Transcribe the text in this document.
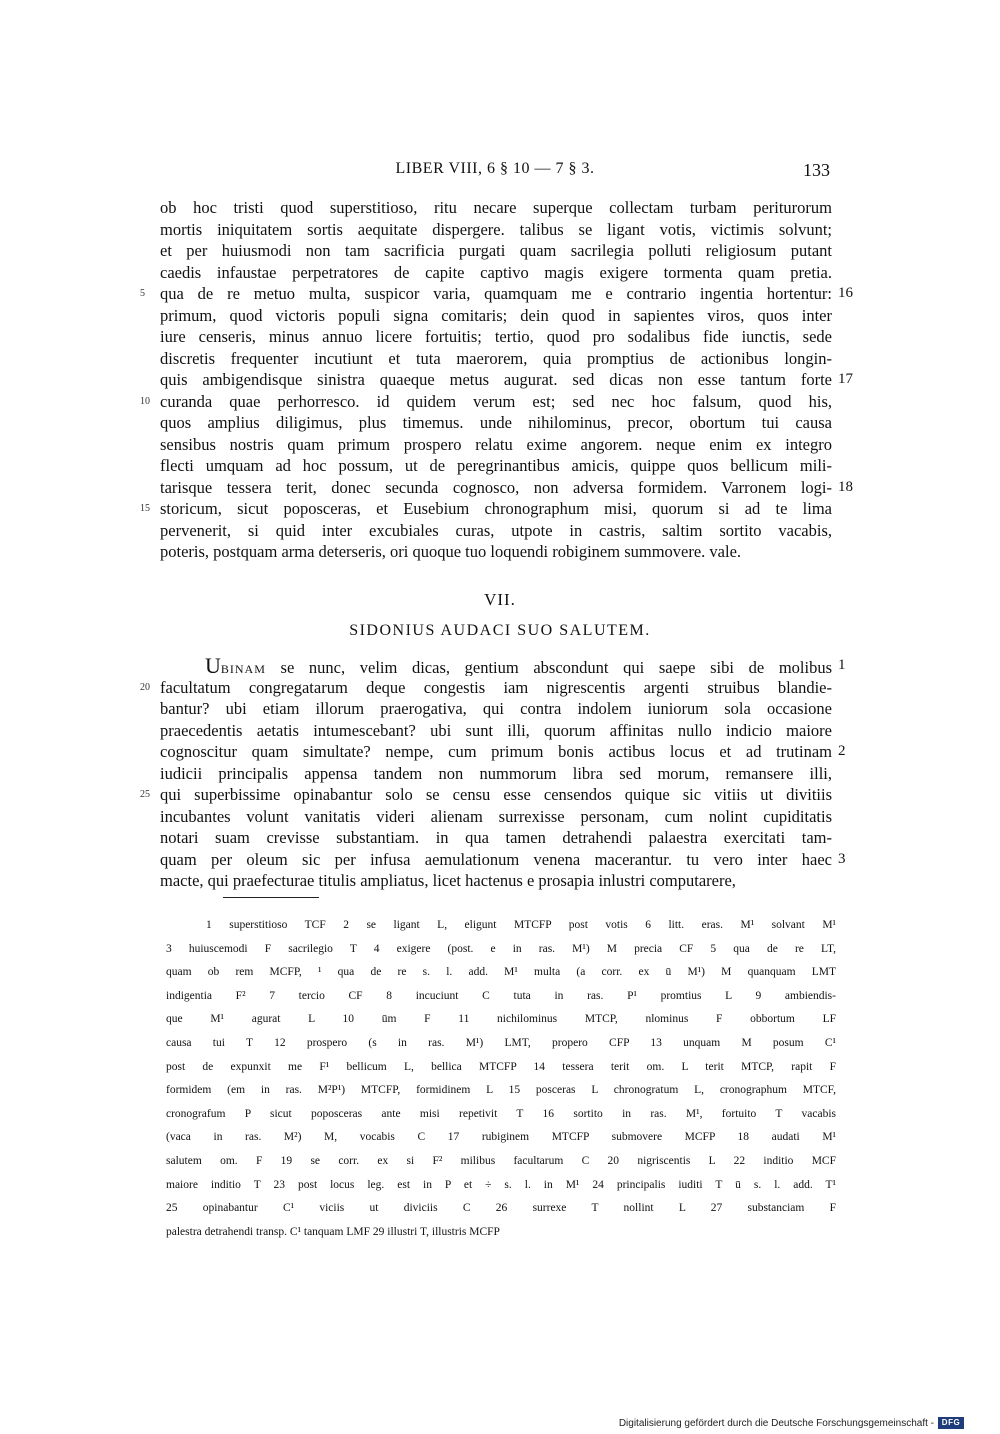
LIBER VIII, 6 § 10 — 7 § 3.	133
ob hoc tristi quod superstitioso, ritu necare superque collectam turbam periturorum
mortis iniquitatem sortis aequitate dispergere. talibus se ligant votis, victimis solvunt;
et per huiusmodi non tam sacrificia purgati quam sacrilegia polluti religiosum putant
caedis infaustae perpetratores de capite captivo magis exigere tormenta quam pretia.
qua de re metuo multa, suspicor varia, quamquam me e contrario ingentia hortentur:
primum, quod victoris populi signa comitaris; dein quod in sapientes viros, quos inter
iure censeris, minus annuo licere fortuitis; tertio, quod pro sodalibus fide iunctis, sede
discretis frequenter incutiunt et tuta maerorem, quia promptius de actionibus longin-
quis ambigendisque sinistra quaeque metus augurat. sed dicas non esse tantum forte
curanda quae perhorresco. id quidem verum est; sed nec hoc falsum, quod his,
quos amplius diligimus, plus timemus. unde nihilominus, precor, obortum tui causa
sensibus nostris quam primum prospero relatu exime angorem. neque enim ex integro
flecti umquam ad hoc possum, ut de peregrinantibus amicis, quippe quos bellicum mili-
tarisque tessera terit, donec secunda cognosco, non adversa formidem. Varronem logi-
storicum, sicut poposceras, et Eusebium chronographum misi, quorum si ad te lima
pervenerit, si quid inter excubiales curas, utpote in castris, saltim sortito vacabis,
poteris, postquam arma deterseris, ori quoque tuo loquendi robiginem summovere. vale.
5
10
15
16
17
18
VII.
SIDONIUS AUDACI SUO SALUTEM.
UBINAM se nunc, velim dicas, gentium abscondunt qui saepe sibi de molibus
facultatum congregatarum deque congestis iam nigrescentis argenti struibus blandie-
bantur? ubi etiam illorum praerogativa, qui contra indolem iuniorum sola occasione
praecedentis aetatis intumescebant? ubi sunt illi, quorum affinitas nullo indicio maiore
cognoscitur quam simultate? nempe, cum primum bonis actibus locus et ad trutinam
iudicii principalis appensa tandem non nummorum libra sed morum, remansere illi,
qui superbissime opinabantur solo se censu esse censendos quique sic vitiis ut divitiis
incubantes volunt vanitatis videri alienam surrexisse personam, cum nolint cupiditatis
notari suam crevisse substantiam. in qua tamen detrahendi palaestra exercitati tam-
quam per oleum sic per infusa aemulationum venena macerantur. tu vero inter haec
macte, qui praefecturae titulis ampliatus, licet hactenus e prosapia inlustri computarere,
20
25
1
2
3
1 superstitioso TCF 2 se ligant L, eligunt MTCFP post votis 6 litt. eras. M¹ solvant M¹
3 huiuscemodi F sacrilegio T 4 exigere (post. e in ras. M¹) M precia CF 5 qua de re LT,
quam ob rem MCFP, ¹ qua de re s. l. add. M¹ multa (a corr. ex ū M¹) M quanquam LMT
indigentia F² 7 tercio CF 8 incuciunt C tuta in ras. P¹ promtius L 9 ambiendis-
que M¹ agurat L 10 ūm F 11 nichilominus MTCP, nlominus F obbortum LF
causa tui T 12 prospero (s in ras. M¹) LMT, propero CFP 13 unquam M posum C¹
post de expunxit me F¹ bellicum L, bellica MTCFP 14 tessera terit om. L terit MTCP, rapit F
formidem (em in ras. M²P¹) MTCFP, formidinem L 15 posceras L chronogratum L, cronographum MTCF,
cronografum P sicut poposceras ante misi repetivit T 16 sortito in ras. M¹, fortuito T vacabis
(vaca in ras. M²) M, vocabis C 17 rubiginem MTCFP submovere MCFP 18 audati M¹
salutem om. F 19 se corr. ex si F² milibus facultarum C 20 nigriscentis L 22 inditio MCF
maiore inditio T 23 post locus leg. est in P et ÷ s. l. in M¹ 24 principalis iuditi T ū s. l. add. T¹
25 opinabantur C¹ viciis ut diviciis C 26 surrexe T nollint L 27 substanciam F
palestra detrahendi transp. C¹ tanquam LMF 29 illustri T, illustris MCFP
Digitalisierung gefördert durch die Deutsche Forschungsgemeinschaft - DFG
